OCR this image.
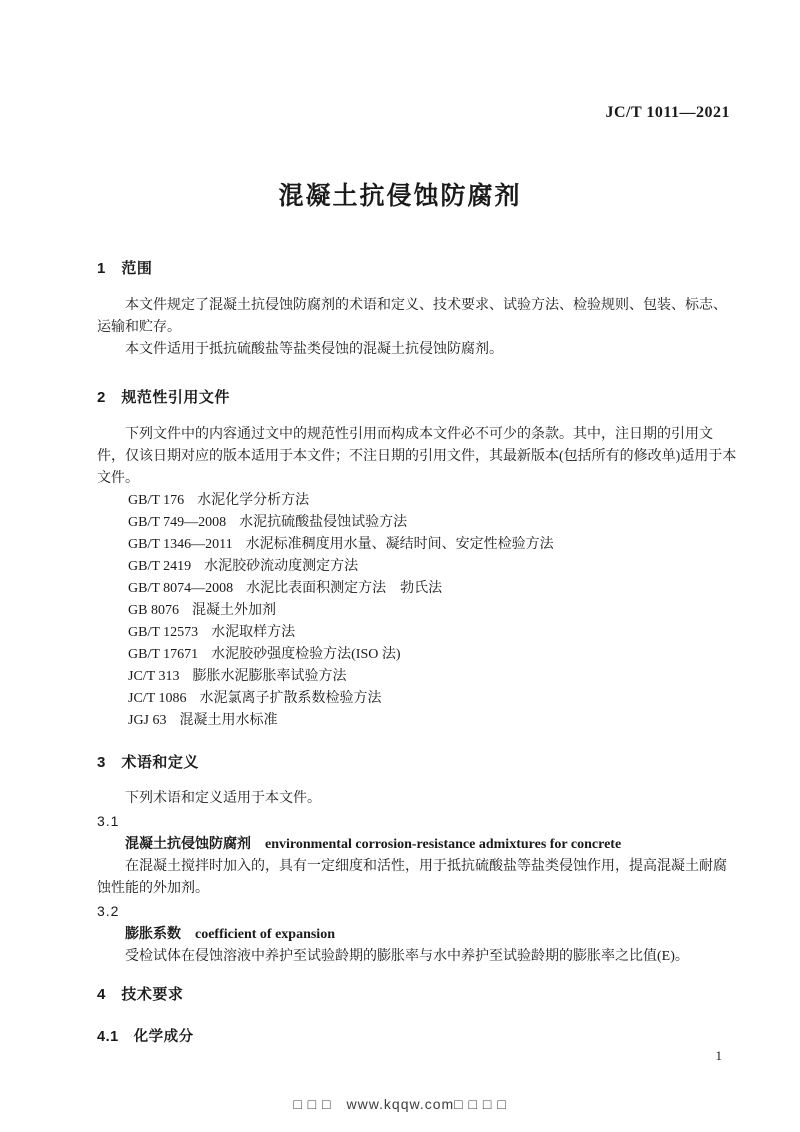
JC/T 1011—2021
混凝土抗侵蚀防腐剂
1　范围

本文件规定了混凝土抗侵蚀防腐剂的术语和定义、技术要求、试验方法、检验规则、包装、标志、运输和贮存。

本文件适用于抵抗硫酸盐等盐类侵蚀的混凝土抗侵蚀防腐剂。

2　规范性引用文件

下列文件中的内容通过文中的规范性引用而构成本文件必不可少的条款。其中，注日期的引用文件，仅该日期对应的版本适用于本文件；不注日期的引用文件，其最新版本(包括所有的修改单)适用于本文件。

GB/T 176 水泥化学分析方法
GB/T 749—2008 水泥抗硫酸盐侵蚀试验方法
GB/T 1346—2011 水泥标准稠度用水量、凝结时间、安定性检验方法
GB/T 2419 水泥胶砂流动度测定方法
GB/T 8074—2008 水泥比表面积测定方法　勃氏法
GB 8076 混凝土外加剂
GB/T 12573 水泥取样方法
GB/T 17671 水泥胶砂强度检验方法(ISO 法)
JC/T 313 膨胀水泥膨胀率试验方法
JC/T 1086 水泥氯离子扩散系数检验方法
JGJ 63 混凝土用水标准
3　术语和定义

下列术语和定义适用于本文件。

3.1

混凝土抗侵蚀防腐剂 environmental corrosion-resistance admixtures for concrete

在混凝土搅拌时加入的，具有一定细度和活性，用于抵抗硫酸盐等盐类侵蚀作用，提高混凝土耐腐蚀性能的外加剂。

3.2

膨胀系数 coefficient of expansion

受检试体在侵蚀溶液中养护至试验龄期的膨胀率与水中养护至试验龄期的膨胀率之比值(E)。

4　技术要求
4.1　化学成分
1
□ □ □　www.kqqw.com□ □ □ □
